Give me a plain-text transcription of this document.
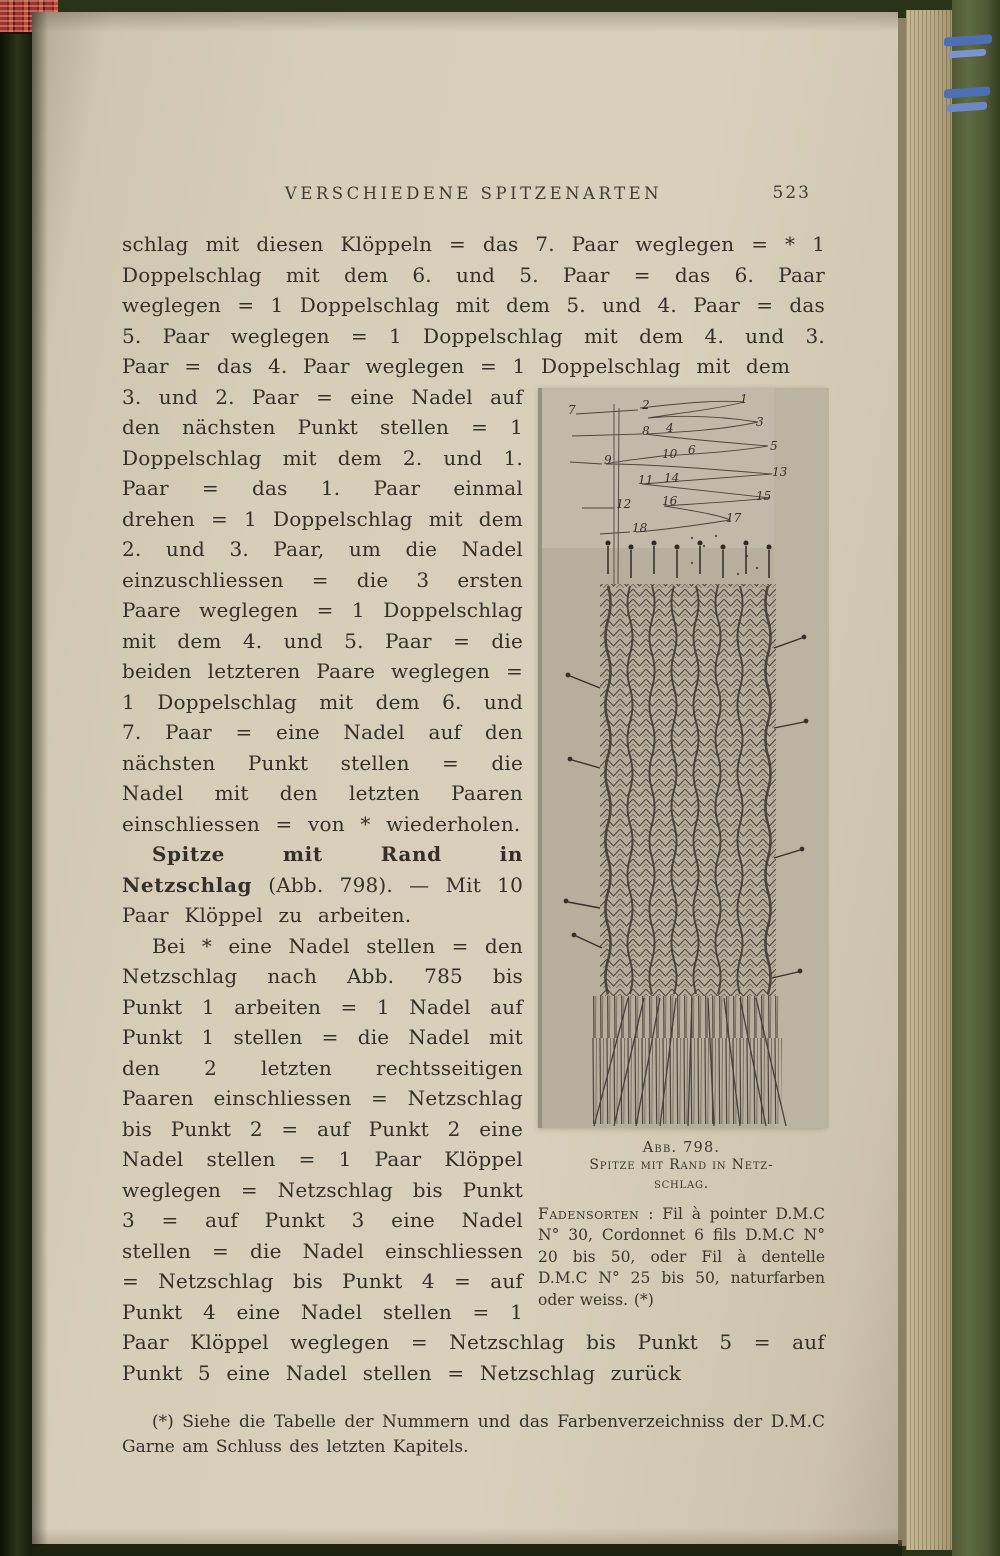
VERSCHIEDENE SPITZENARTEN	523

schlag mit diesen Klöppeln = das 7. Paar weglegen = * 1 Doppelschlag mit dem 6. und 5. Paar = das 6. Paar weglegen = 1 Doppelschlag mit dem 5. und 4. Paar = das 5. Paar weglegen = 1 Doppelschlag mit dem 4. und 3. Paar = das 4. Paar weglegen = 1 Doppelschlag mit dem

7	2	1
8 4	3
9	10 6	5
11 14	13
12	16	15
17
18
Abb. 798.
Spitze mit Rand in Netz-
schlag.

Fadensorten : Fil à pointer D.M.C N° 30, Cordonnet 6 fils D.M.C N° 20 bis 50, oder Fil à dentelle D.M.C N° 25 bis 50, naturfarben oder weiss. (*)

3. und 2. Paar = eine Nadel auf den nächsten Punkt stellen = 1 Doppelschlag mit dem 2. und 1. Paar = das 1. Paar einmal drehen = 1 Doppelschlag mit dem 2. und 3. Paar, um die Nadel einzuschliessen = die 3 ersten Paare weglegen = 1 Doppelschlag mit dem 4. und 5. Paar = die beiden letzteren Paare weglegen = 1 Doppelschlag mit dem 6. und 7. Paar = eine Nadel auf den nächsten Punkt stellen = die Nadel mit den letzten Paaren einschliessen = von * wiederholen.

Spitze mit Rand in Netzschlag (Abb. 798). — Mit 10 Paar Klöppel zu arbeiten.

Bei * eine Nadel stellen = den Netzschlag nach Abb. 785 bis Punkt 1 arbeiten = 1 Nadel auf Punkt 1 stellen = die Nadel mit den 2 letzten rechtsseitigen Paaren einschliessen = Netzschlag bis Punkt 2 = auf Punkt 2 eine Nadel stellen = 1 Paar Klöppel weglegen = Netzschlag bis Punkt 3 = auf Punkt 3 eine Nadel stellen = die Nadel einschliessen = Netzschlag bis Punkt 4 = auf Punkt 4 eine Nadel stellen = 1 Paar Klöppel weglegen = Netzschlag bis Punkt 5 = auf Punkt 5 eine Nadel stellen = Netzschlag zurück

(*) Siehe die Tabelle der Nummern und das Farbenverzeichniss der D.M.C Garne am Schluss des letzten Kapitels.
